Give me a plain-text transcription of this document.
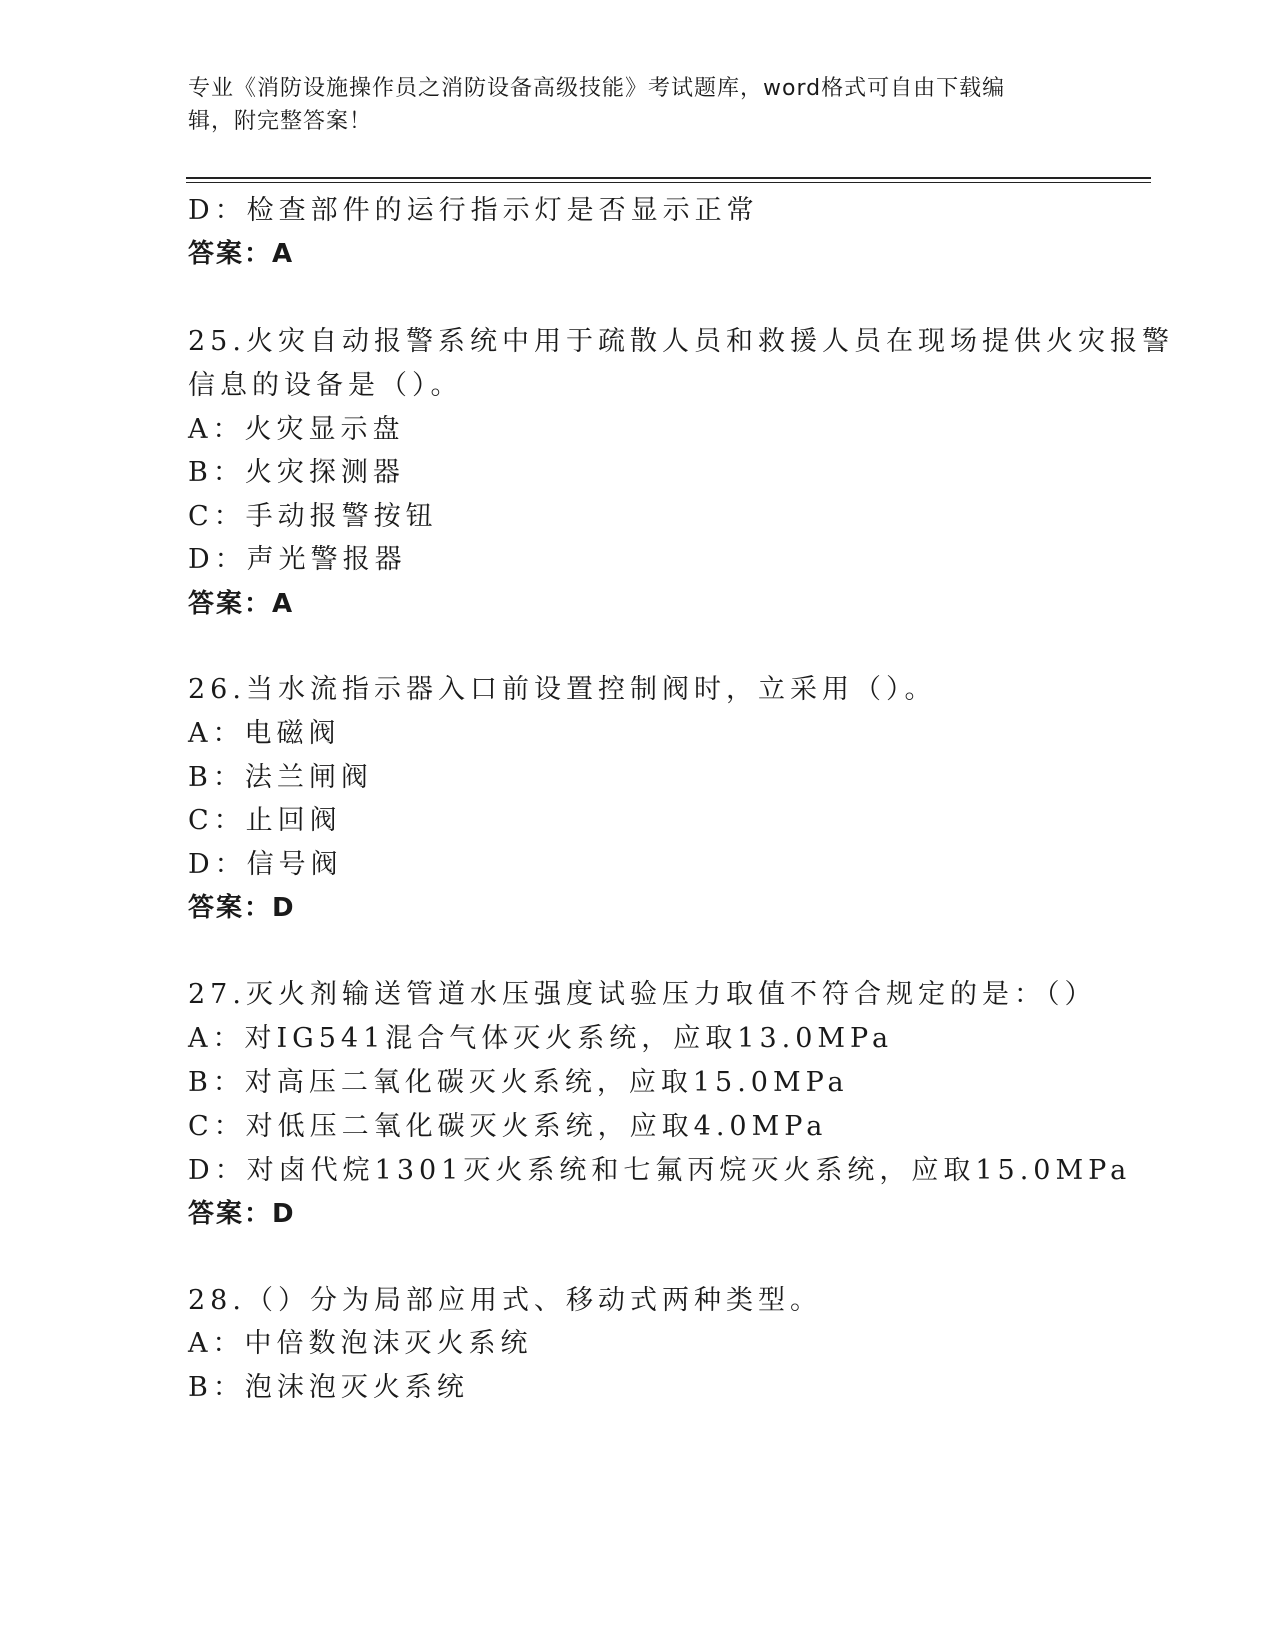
专业《消防设施操作员之消防设备高级技能》考试题库，word格式可自由下载编
辑，附完整答案！
D：检查部件的运行指示灯是否显示正常
答案：A
25.火灾自动报警系统中用于疏散人员和救援人员在现场提供火灾报警
信息的设备是（）。
A：火灾显示盘
B：火灾探测器
C：手动报警按钮
D：声光警报器
答案：A
26.当水流指示器入口前设置控制阀时，立采用（）。
A：电磁阀
B：法兰闸阀
C：止回阀
D：信号阀
答案：D
27.灭火剂输送管道水压强度试验压力取值不符合规定的是：（）
A：对IG541混合气体灭火系统，应取13.0MPa
B：对高压二氧化碳灭火系统，应取15.0MPa
C：对低压二氧化碳灭火系统，应取4.0MPa
D：对卤代烷1301灭火系统和七氟丙烷灭火系统，应取15.0MPa
答案：D
28.（）分为局部应用式、移动式两种类型。
A：中倍数泡沫灭火系统
B：泡沫泡灭火系统
